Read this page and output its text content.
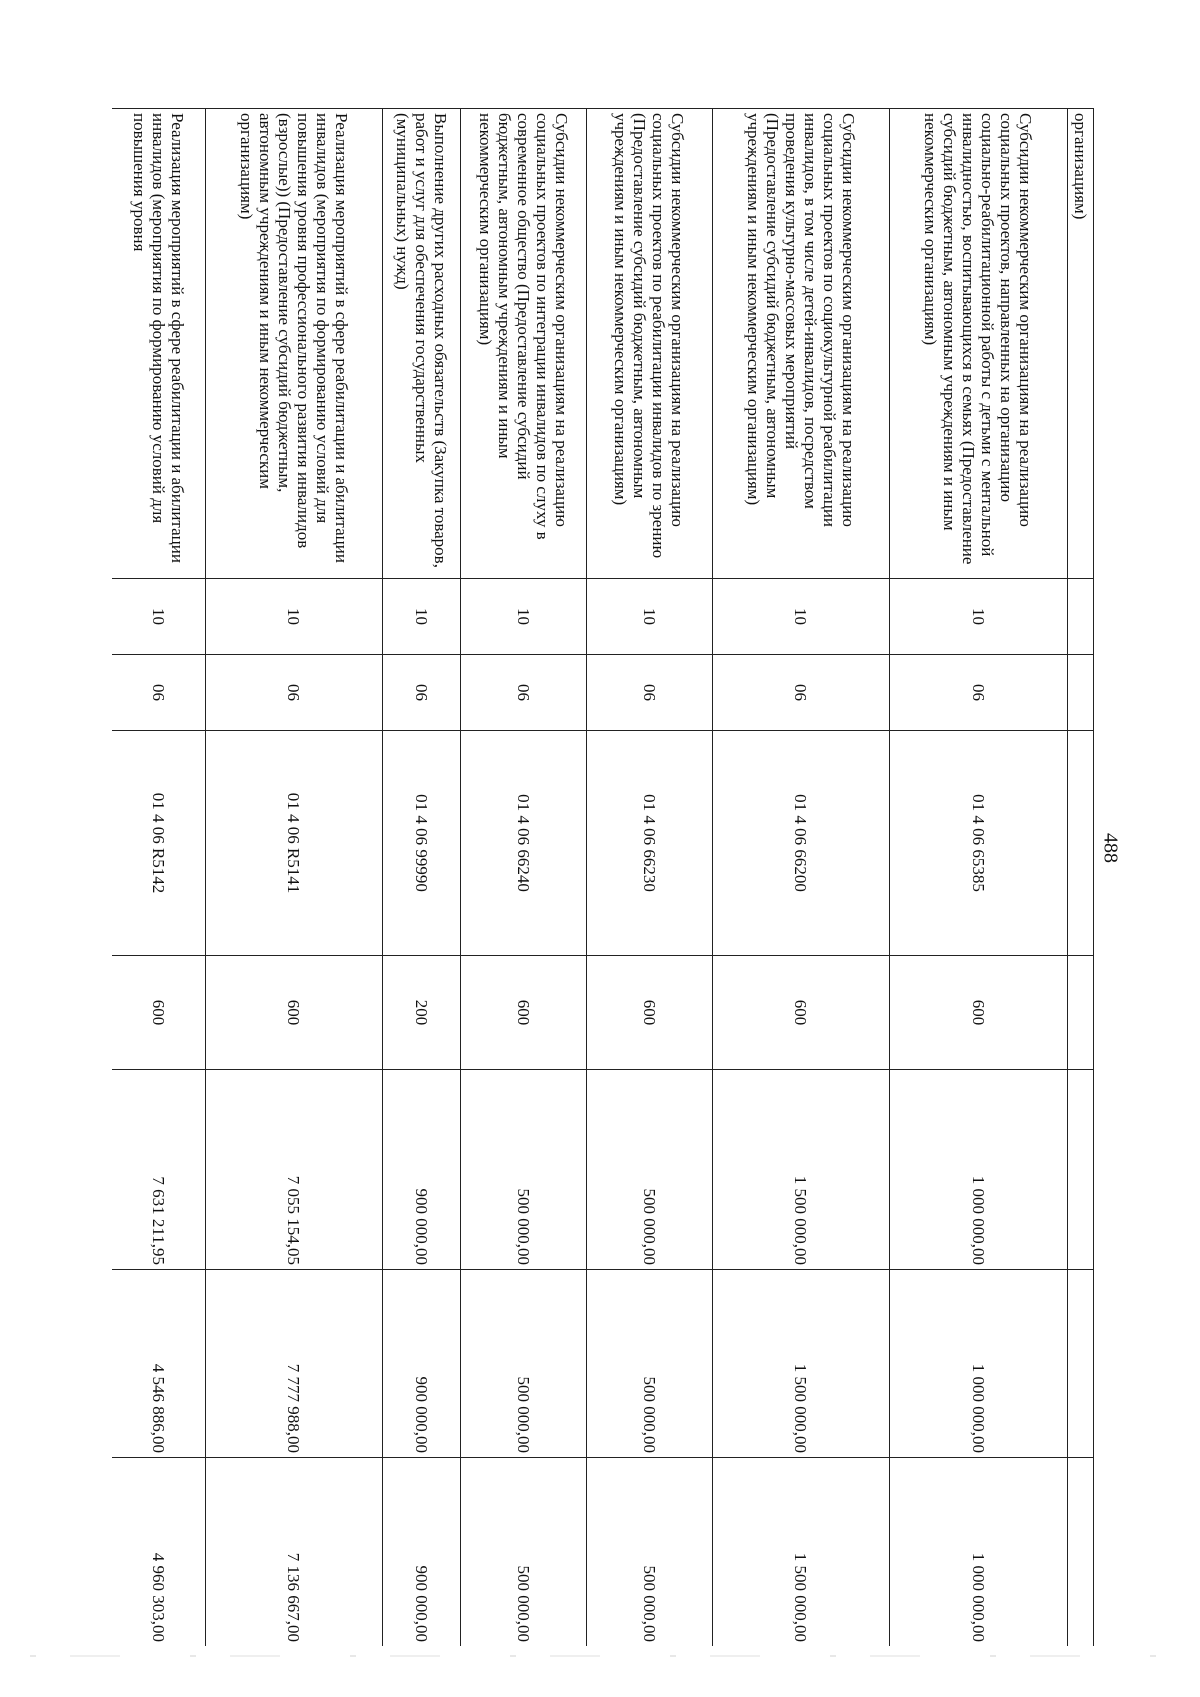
488
организациям)							
Субсидии некоммерческим организациям на реализацию социальных проектов, направленных на организацию социально-реабилитационной работы с детьми с ментальной инвалидностью, воспитывающихся в семьях (Предоставление субсидий бюджетным, автономным учреждениям и иным некоммерческим организациям)	10	06	01 4 06 65385	600	1 000 000,00	1 000 000,00	1 000 000,00
Субсидии некоммерческим организациям на реализацию социальных проектов по социокультурной реабилитации инвалидов, в том числе детей-инвалидов, посредством проведения культурно-массовых мероприятий (Предоставление субсидий бюджетным, автономным учреждениям и иным некоммерческим организациям)	10	06	01 4 06 66200	600	1 500 000,00	1 500 000,00	1 500 000,00
Субсидии некоммерческим организациям на реализацию социальных проектов по реабилитации инвалидов по зрению (Предоставление субсидий бюджетным, автономным учреждениям и иным некоммерческим организациям)	10	06	01 4 06 66230	600	500 000,00	500 000,00	500 000,00
Субсидии некоммерческим организациям на реализацию социальных проектов по интеграции инвалидов по слуху в современное общество (Предоставление субсидий бюджетным, автономным учреждениям и иным некоммерческим организациям)	10	06	01 4 06 66240	600	500 000,00	500 000,00	500 000,00
Выполнение других расходных обязательств (Закупка товаров, работ и услуг для обеспечения государственных (муниципальных) нужд)	10	06	01 4 06 99990	200	900 000,00	900 000,00	900 000,00
Реализация мероприятий в сфере реабилитации и абилитации инвалидов (мероприятия по формированию условий для повышения уровня профессионального развития инвалидов (взрослые)) (Предоставление субсидий бюджетным, автономным учреждениям и иным некоммерческим организациям)	10	06	01 4 06 R5141	600	7 055 154,05	7 777 988,00	7 136 667,00
Реализация мероприятий в сфере реабилитации и абилитации инвалидов (мероприятия по формированию условий для повышения уровня	10	06	01 4 06 R5142	600	7 631 211,95	4 546 886,00	4 960 303,00
